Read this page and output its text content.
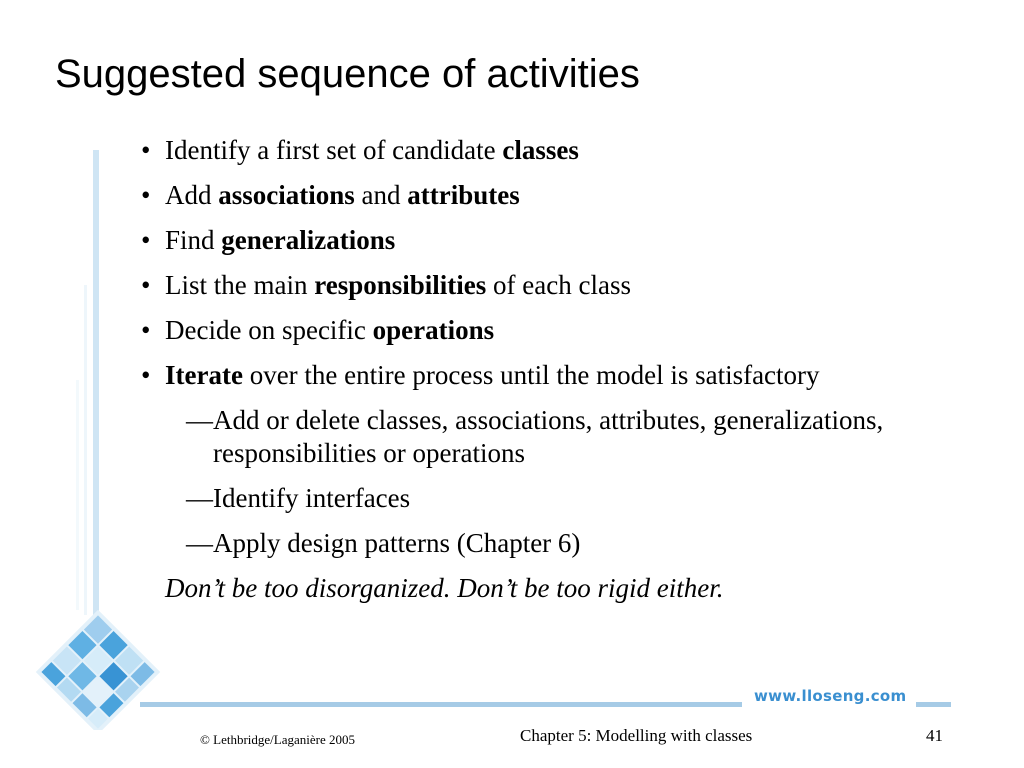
Suggested sequence of activities
• Identify a first set of candidate classes
• Add associations and attributes
• Find generalizations
• List the main responsibilities of each class
• Decide on specific operations
• Iterate over the entire process until the model is satisfactory
—Add or delete classes, associations, attributes, generalizations, responsibilities or operations
—Identify interfaces
—Apply design patterns (Chapter 6)
Don’t be too disorganized. Don’t be too rigid either.
www.lloseng.com
© Lethbridge/Laganière 2005	Chapter 5: Modelling with classes	41
